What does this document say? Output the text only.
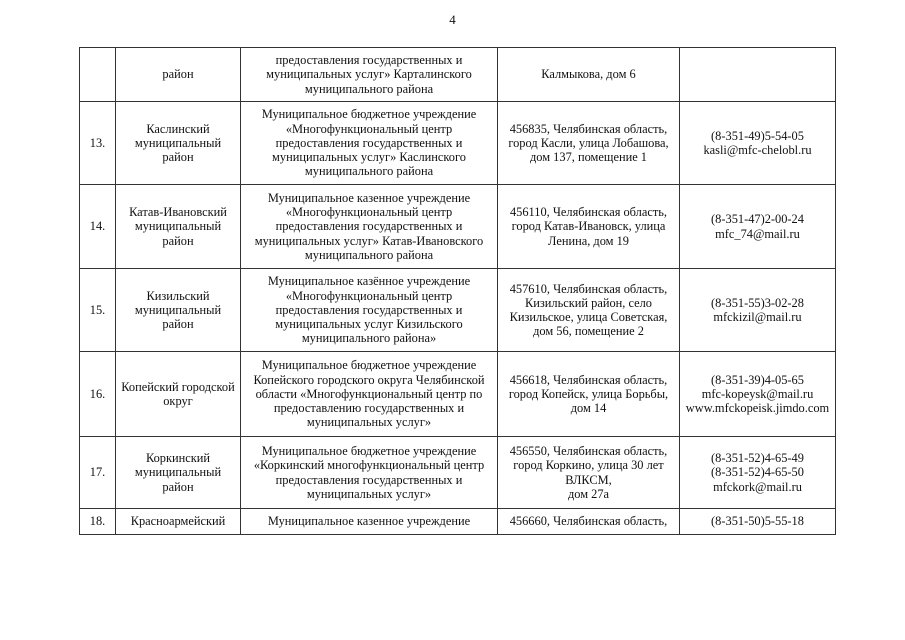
4

	район	предоставления государственных и
муниципальных услуг» Карталинского
муниципального района	Калмыкова, дом 6	

13.	Каслинский
муниципальный
район	Муниципальное бюджетное учреждение
«Многофункциональный центр
предоставления государственных и
муниципальных услуг» Каслинского
муниципального района	456835, Челябинская область,
город Касли, улица Лобашова,
дом 137, помещение 1	(8-351-49)5-54-05
kasli@mfc-chelobl.ru

14.	Катав-Ивановский
муниципальный
район	Муниципальное казенное учреждение
«Многофункциональный центр
предоставления государственных и
муниципальных услуг» Катав-Ивановского
муниципального района	456110, Челябинская область,
город Катав-Ивановск, улица
Ленина, дом 19	(8-351-47)2-00-24
mfc_74@mail.ru

15.	Кизильский
муниципальный
район	Муниципальное казённое учреждение
«Многофункциональный центр
предоставления государственных и
муниципальных услуг Кизильского
муниципального района»	457610, Челябинская область,
Кизильский район, село
Кизильское, улица Советская,
дом 56, помещение 2	(8-351-55)3-02-28
mfckizil@mail.ru

16.	Копейский городской
округ	Муниципальное бюджетное учреждение
Копейского городского округа Челябинской
области «Многофункциональный центр по
предоставлению государственных и
муниципальных услуг»	456618, Челябинская область,
город Копейск, улица Борьбы,
дом 14	(8-351-39)4-05-65
mfc-kopeysk@mail.ru
www.mfckopeisk.jimdo.com

17.	Коркинский
муниципальный
район	Муниципальное бюджетное учреждение
«Коркинский многофункциональный центр
предоставления государственных и
муниципальных услуг»	456550, Челябинская область,
город Коркино, улица 30 лет
ВЛКСМ,
дом 27а	(8-351-52)4-65-49
(8-351-52)4-65-50
mfckork@mail.ru

18.	Красноармейский	Муниципальное казенное учреждение	456660, Челябинская область,	(8-351-50)5-55-18
